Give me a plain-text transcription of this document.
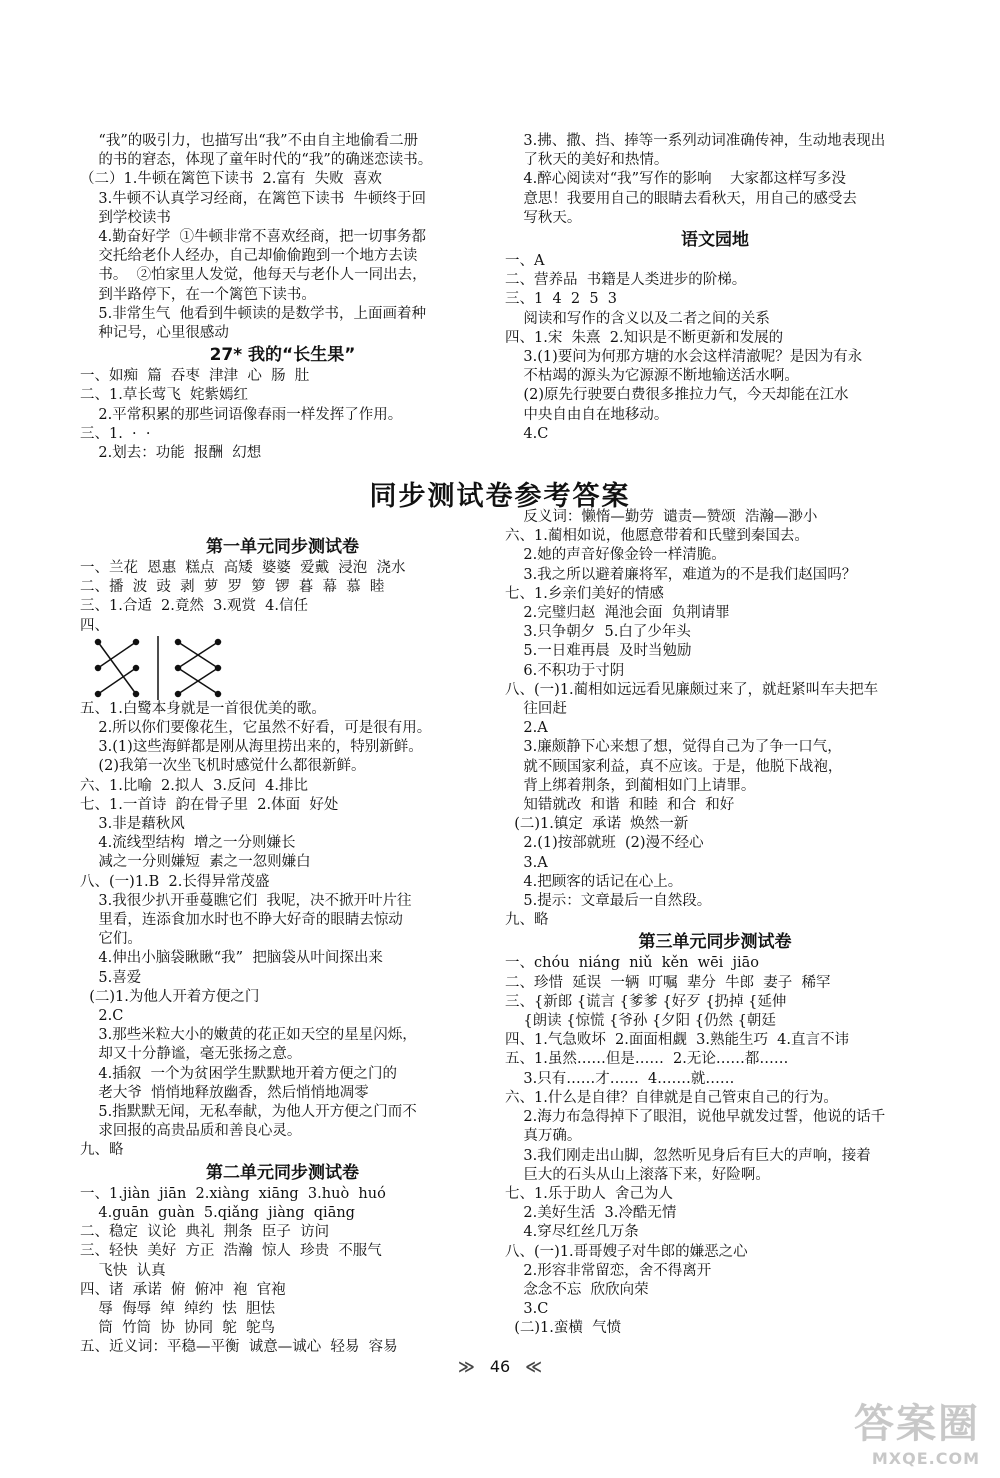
“我”的吸引力，也描写出“我”不由自主地偷看二册
的书的窘态，体现了童年时代的“我”的确迷恋读书。
（二）1.牛顿在篱笆下读书  2.富有  失败  喜欢
3.牛顿不认真学习经商，在篱笆下读书  牛顿终于回
到学校读书
4.勤奋好学  ①牛顿非常不喜欢经商，把一切事务都
交托给老仆人经办，自己却偷偷跑到一个地方去读
书。  ②怕家里人发觉，他每天与老仆人一同出去，
到半路停下，在一个篱笆下读书。
5.非常生气  他看到牛顿读的是数学书，上面画着种
种记号，心里很感动
27* 我的“长生果”
一、如痴  篇  吞枣  津津  心  肠  肚
二、1.草长莺飞  姹紫嫣红
2.平常积累的那些词语像春雨一样发挥了作用。
三、1.  ·  ·
2.划去：功能  报酬  幻想
3.拂、撒、挡、捧等一系列动词准确传神，生动地表现出
了秋天的美好和热情。
4.醉心阅读对“我”写作的影响    大家都这样写多没
意思！我要用自己的眼睛去看秋天，用自己的感受去
写秋天。
语文园地
一、A
二、营养品  书籍是人类进步的阶梯。
三、1  4  2  5  3
阅读和写作的含义以及二者之间的关系
四、1.宋  朱熹  2.知识是不断更新和发展的
3.(1)要问为何那方塘的水会这样清澈呢？是因为有永
不枯竭的源头为它源源不断地输送活水啊。
(2)原先行驶要白费很多推拉力气，今天却能在江水
中央自由自在地移动。
4.C
同步测试卷参考答案
第一单元同步测试卷
一、兰花  恩惠  糕点  高矮  婆婆  爱戴  浸泡  浇水
二、播  波  豉  剥  萝  罗  箩  锣  暮  幕  慕  睦
三、1.合适  2.竟然  3.观赏  4.信任
四、
五、1.白鹭本身就是一首很优美的歌。
2.所以你们要像花生，它虽然不好看，可是很有用。
3.(1)这些海鲜都是刚从海里捞出来的，特别新鲜。
(2)我第一次坐飞机时感觉什么都很新鲜。
六、1.比喻  2.拟人  3.反问  4.排比
七、1.一首诗  韵在骨子里  2.体面  好处
3.非是藉秋风
4.流线型结构  增之一分则嫌长
减之一分则嫌短  素之一忽则嫌白
八、(一)1.B  2.长得异常茂盛
3.我很少扒开垂蔓瞧它们  我呢，决不掀开叶片往
里看，连添食加水时也不睁大好奇的眼睛去惊动
它们。
4.伸出小脑袋瞅瞅“我”  把脑袋从叶间探出来
5.喜爱
(二)1.为他人开着方便之门
2.C
3.那些米粒大小的嫩黄的花正如天空的星星闪烁，
却又十分静谧，毫无张扬之意。
4.插叙  一个为贫困学生默默地开着方便之门的
老大爷  悄悄地释放幽香，然后悄悄地凋零
5.指默默无闻，无私奉献，为他人开方便之门而不
求回报的高贵品质和善良心灵。
九、略
第二单元同步测试卷
一、1.jiàn  jiān  2.xiàng  xiāng  3.huò  huó
4.guān  guàn  5.qiǎng  jiàng  qiāng
二、稳定  议论  典礼  荆条  臣子  访问
三、轻快  美好  方正  浩瀚  惊人  珍贵  不服气
飞快  认真
四、诸  承诺  俯  俯冲  袍  官袍
辱  侮辱  绰  绰约  怯  胆怯
筒  竹筒  协  协同  鸵  鸵鸟
五、近义词：平稳—平衡  诚意—诚心  轻易  容易
反义词：懒惰—勤劳  谴责—赞颂  浩瀚—渺小
六、1.蔺相如说，他愿意带着和氏璧到秦国去。
2.她的声音好像金铃一样清脆。
3.我之所以避着廉将军，难道为的不是我们赵国吗？
七、1.乡亲们美好的情感
2.完璧归赵  渑池会面  负荆请罪
3.只争朝夕  5.白了少年头
5.一日难再晨  及时当勉励
6.不积功于寸阴
八、(一)1.蔺相如远远看见廉颇过来了，就赶紧叫车夫把车
往回赶
2.A
3.廉颇静下心来想了想，觉得自己为了争一口气，
就不顾国家利益，真不应该。于是，他脱下战袍，
背上绑着荆条，到蔺相如门上请罪。
知错就改  和谐  和睦  和合  和好
(二)1.镇定  承诺  焕然一新
2.(1)按部就班  (2)漫不经心
3.A
4.把顾客的话记在心上。
5.提示：文章最后一自然段。
九、略
第三单元同步测试卷
一、chóu  niáng  niǔ  kěn  wēi  jiāo
二、珍惜  延误  一辆  叮嘱  辈分  牛郎  妻子  稀罕
三、{新郎 {谎言 {爹爹 {好歹 {扔掉 {延伸
{朗读 {惊慌 {爷孙 {夕阳 {仍然 {朝廷
四、1.气急败坏  2.面面相觑  3.熟能生巧  4.直言不讳
五、1.虽然……但是……  2.无论……都……
3.只有……才……  4.……就……
六、1.什么是自律？自律就是自己管束自己的行为。
2.海力布急得掉下了眼泪，说他早就发过誓，他说的话千
真万确。
3.我们刚走出山脚，忽然听见身后有巨大的声响，接着
巨大的石头从山上滚落下来，好险啊。
七、1.乐于助人  舍己为人
2.美好生活  3.冷酷无情
4.穿尽红丝几万条
八、(一)1.哥哥嫂子对牛郎的嫌恶之心
2.形容非常留恋，舍不得离开
念念不忘  欣欣向荣
3.C
(二)1.蛮横  气愤
≫ 46 ≪
答案圈
MXQE.COM
